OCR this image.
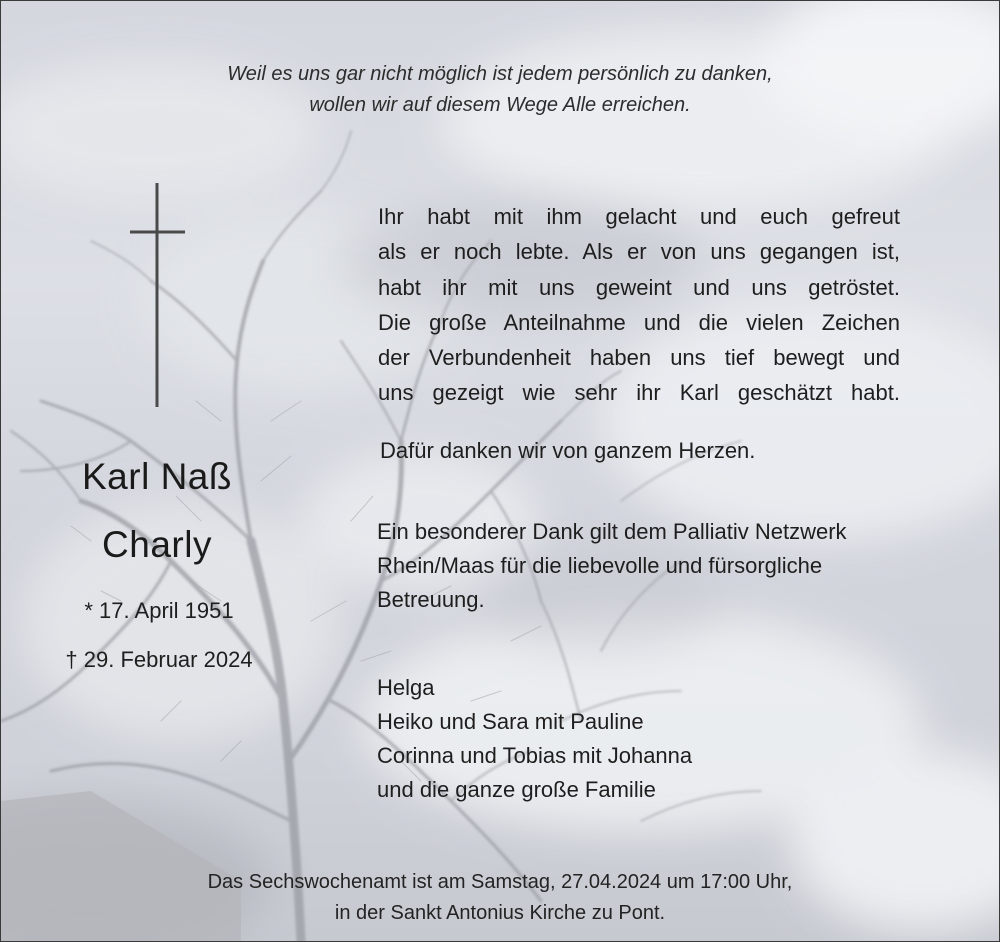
Weil es uns gar nicht möglich ist jedem persönlich zu danken,
wollen wir auf diesem Wege Alle erreichen.
Karl Naß
Charly
* 17. April 1951
† 29. Februar 2024
Ihr habt mit ihm gelacht und euch gefreut
als er noch lebte. Als er von uns gegangen ist,
habt ihr mit uns geweint und uns getröstet.
Die große Anteilnahme und die vielen Zeichen
der Verbundenheit haben uns tief bewegt und
uns gezeigt wie sehr ihr Karl geschätzt habt.
Dafür danken wir von ganzem Herzen.
Ein besonderer Dank gilt dem Palliativ Netzwerk
Rhein/Maas für die liebevolle und fürsorgliche
Betreuung.
Helga
Heiko und Sara mit Pauline
Corinna und Tobias mit Johanna
und die ganze große Familie
Das Sechswochenamt ist am Samstag, 27.04.2024 um 17:00 Uhr,
in der Sankt Antonius Kirche zu Pont.
